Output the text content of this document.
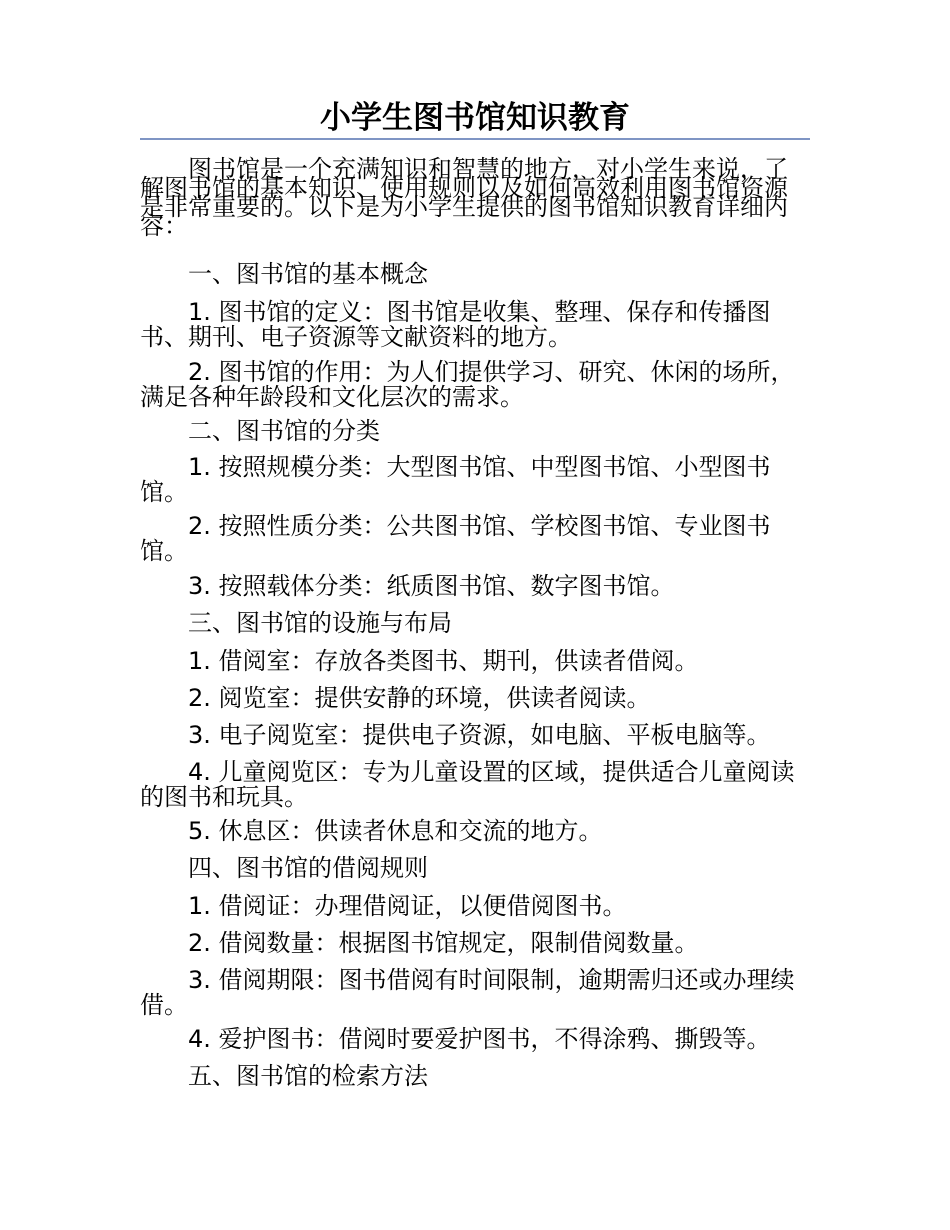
小学生图书馆知识教育

图书馆是一个充满知识和智慧的地方，对小学生来说，了解图书馆的基本知识、使用规则以及如何高效利用图书馆资源是非常重要的。以下是为小学生提供的图书馆知识教育详细内容：

一、图书馆的基本概念

1. 图书馆的定义：图书馆是收集、整理、保存和传播图书、期刊、电子资源等文献资料的地方。

2. 图书馆的作用：为人们提供学习、研究、休闲的场所，满足各种年龄段和文化层次的需求。

二、图书馆的分类

1. 按照规模分类：大型图书馆、中型图书馆、小型图书馆。

2. 按照性质分类：公共图书馆、学校图书馆、专业图书馆。

3. 按照载体分类：纸质图书馆、数字图书馆。

三、图书馆的设施与布局

1. 借阅室：存放各类图书、期刊，供读者借阅。

2. 阅览室：提供安静的环境，供读者阅读。

3. 电子阅览室：提供电子资源，如电脑、平板电脑等。

4. 儿童阅览区：专为儿童设置的区域，提供适合儿童阅读的图书和玩具。

5. 休息区：供读者休息和交流的地方。

四、图书馆的借阅规则

1. 借阅证：办理借阅证，以便借阅图书。

2. 借阅数量：根据图书馆规定，限制借阅数量。

3. 借阅期限：图书借阅有时间限制，逾期需归还或办理续借。

4. 爱护图书：借阅时要爱护图书，不得涂鸦、撕毁等。

五、图书馆的检索方法
